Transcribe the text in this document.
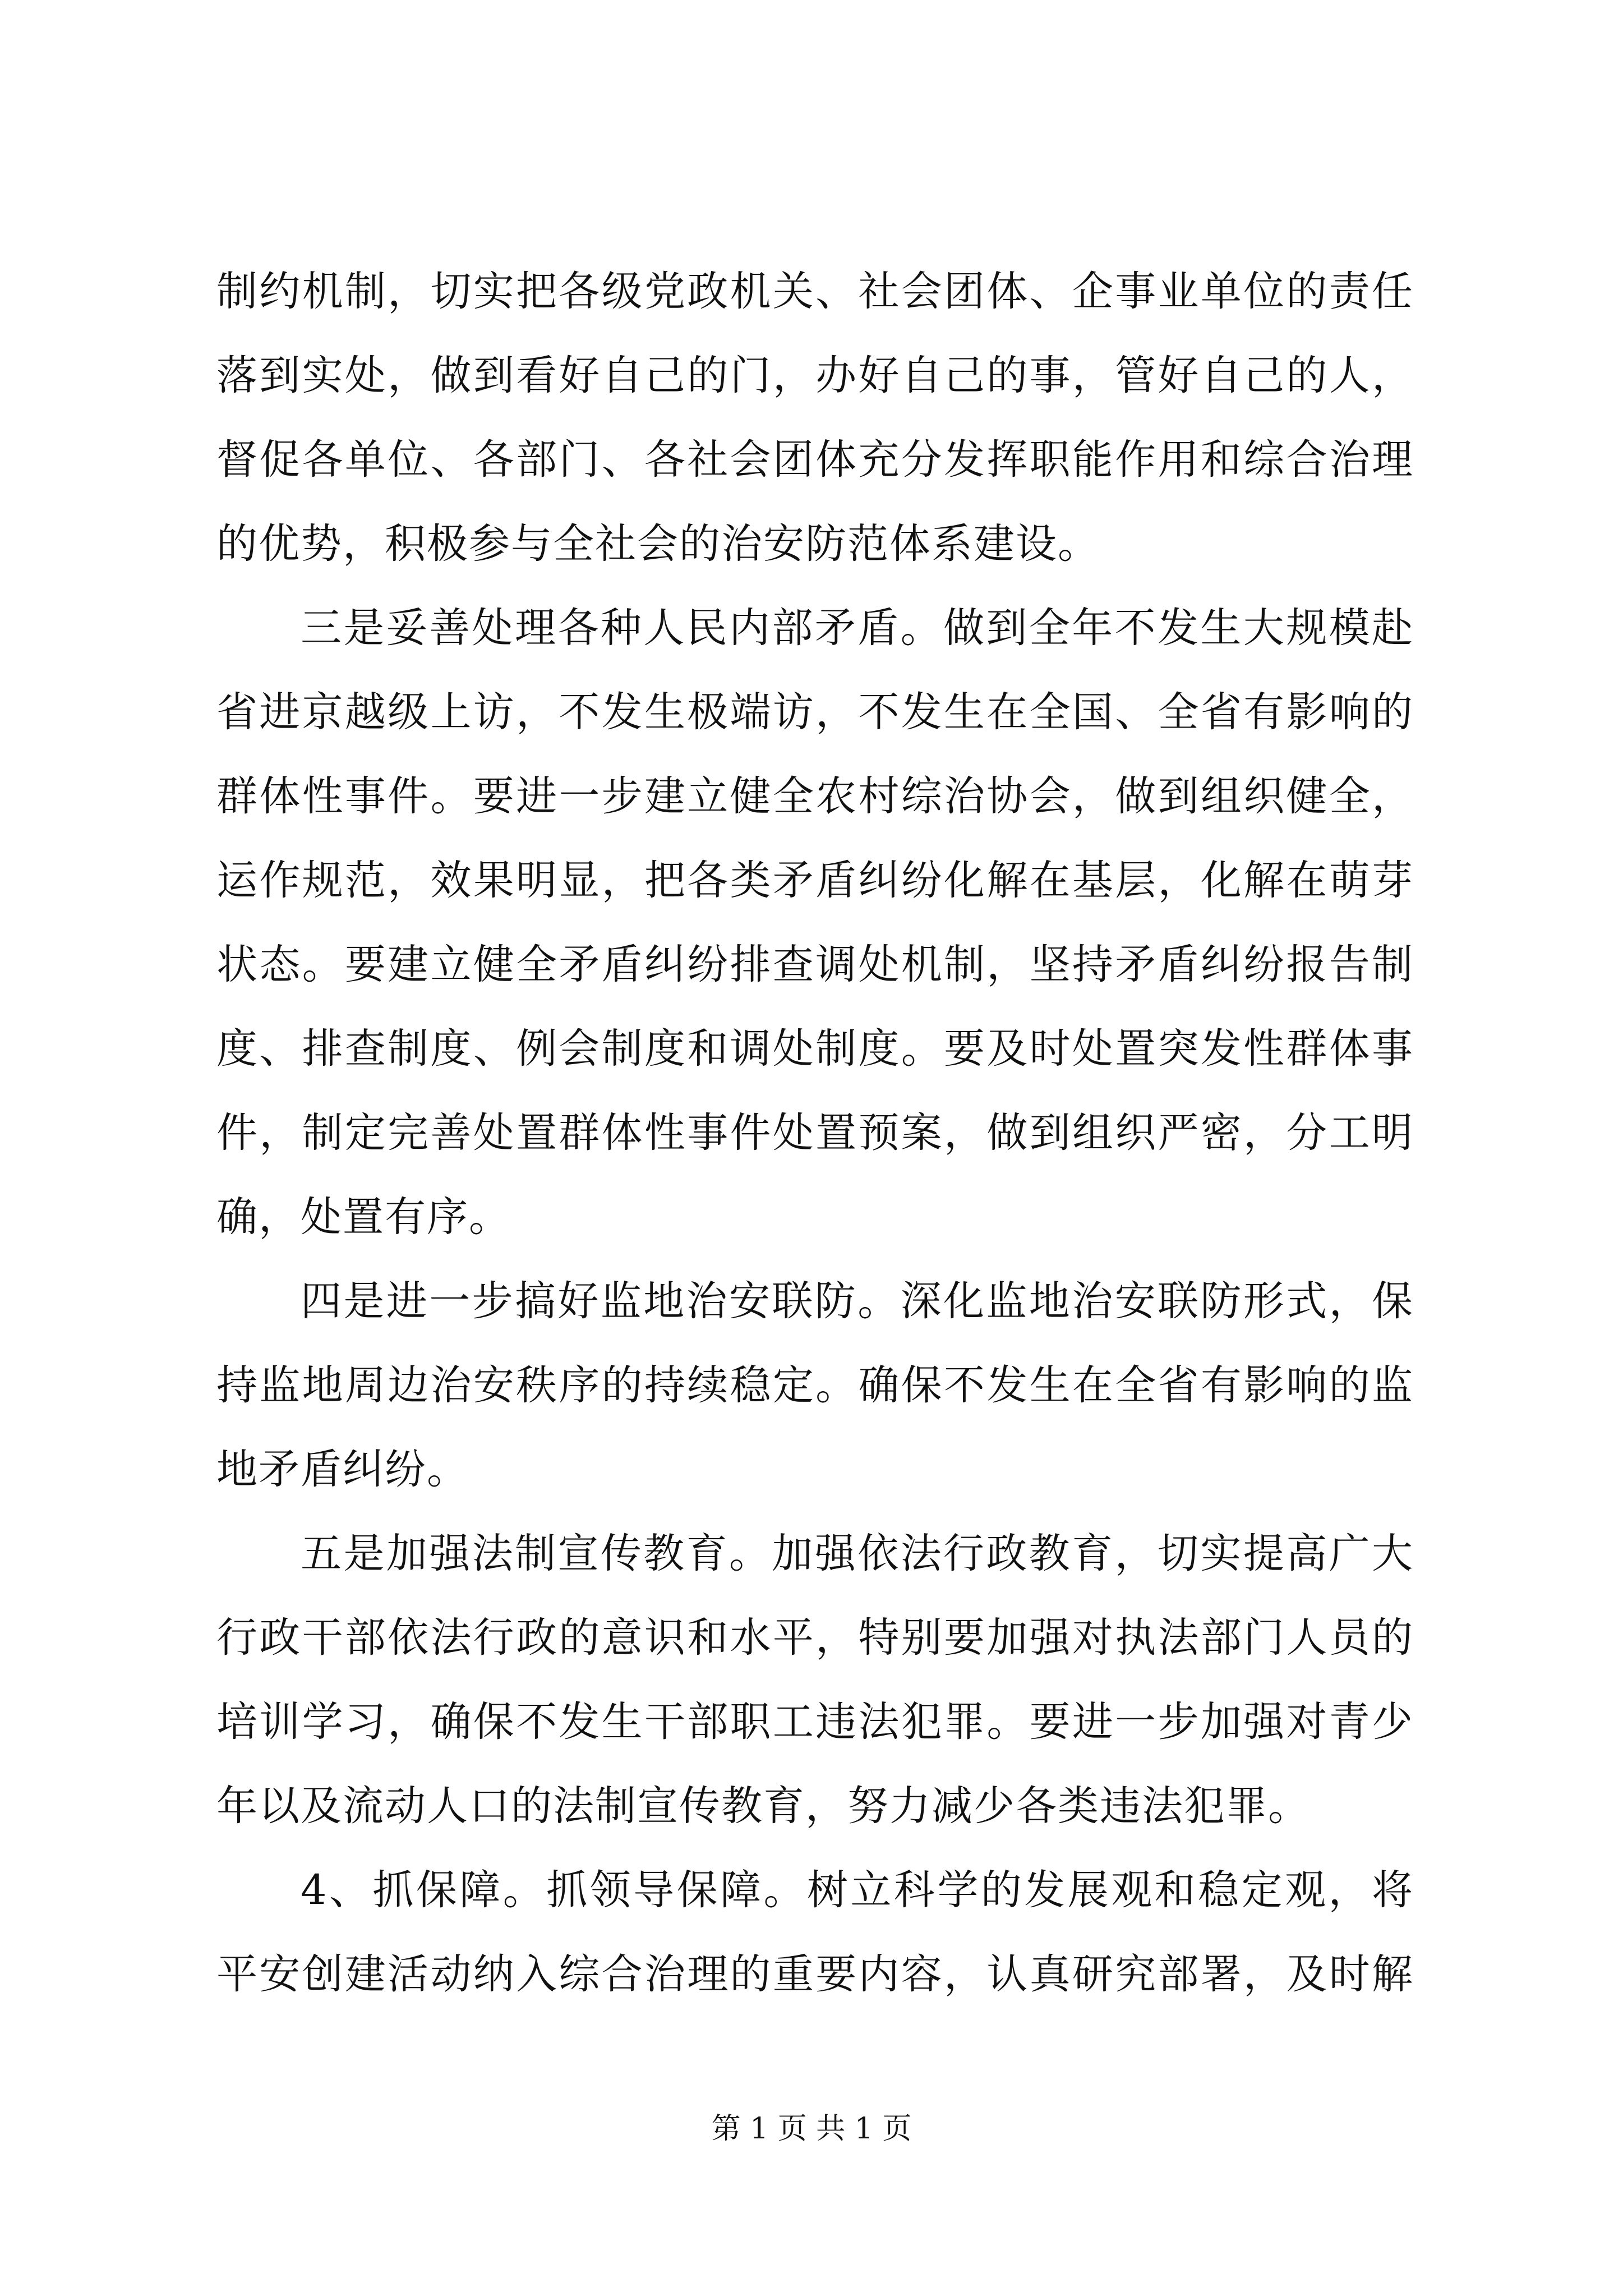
制约机制，切实把各级党政机关、社会团体、企事业单位的责任
落到实处，做到看好自己的门，办好自己的事，管好自己的人，
督促各单位、各部门、各社会团体充分发挥职能作用和综合治理
的优势，积极参与全社会的治安防范体系建设。
三是妥善处理各种人民内部矛盾。做到全年不发生大规模赴
省进京越级上访，不发生极端访，不发生在全国、全省有影响的
群体性事件。要进一步建立健全农村综治协会，做到组织健全，
运作规范，效果明显，把各类矛盾纠纷化解在基层，化解在萌芽
状态。要建立健全矛盾纠纷排查调处机制，坚持矛盾纠纷报告制
度、排查制度、例会制度和调处制度。要及时处置突发性群体事
件，制定完善处置群体性事件处置预案，做到组织严密，分工明
确，处置有序。
四是进一步搞好监地治安联防。深化监地治安联防形式，保
持监地周边治安秩序的持续稳定。确保不发生在全省有影响的监
地矛盾纠纷。
五是加强法制宣传教育。加强依法行政教育，切实提高广大
行政干部依法行政的意识和水平，特别要加强对执法部门人员的
培训学习，确保不发生干部职工违法犯罪。要进一步加强对青少
年以及流动人口的法制宣传教育，努力减少各类违法犯罪。
4、抓保障。抓领导保障。树立科学的发展观和稳定观，将
平安创建活动纳入综合治理的重要内容，认真研究部署，及时解
第 1 页 共 1 页
